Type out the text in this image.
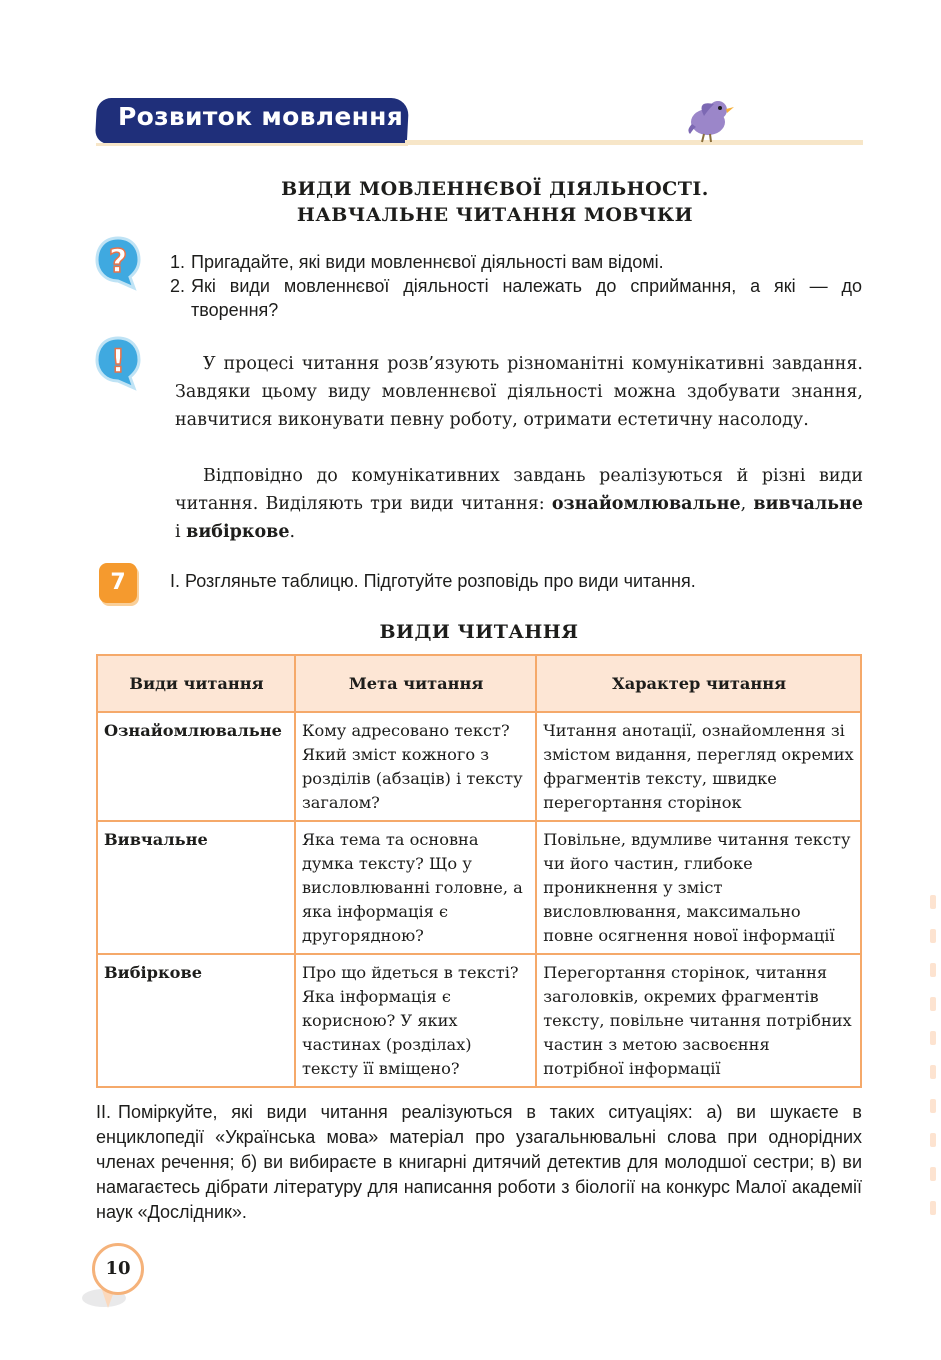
Розвиток мовлення
ВИДИ МОВЛЕННЄВОЇ ДІЯЛЬНОСТІ.
НАВЧАЛЬНЕ ЧИТАННЯ МОВЧКИ
? 1. Пригадайте, які види мовленнєвої діяльності вам відомі.
2. Які види мовленнєвої діяльності належать до сприймання, а які — до творення?
!	У процесі читання розв’язують різноманітні комунікативні завдання. Завдяки цьому виду мовленнєвої діяльності можна здобувати знання, навчитися виконувати певну роботу, отримати естетичну насолоду.
Відповідно до комунікативних завдань реалізуються й різні види читання. Виділяють три види читання: ознайомлювальне, вивчальне і вибіркове.
7	І. Розгляньте таблицю. Підготуйте розповідь про види читання.
ВИДИ ЧИТАННЯ
Види читання	Мета читання	Характер читання
Ознайомлювальне	Кому адресовано текст? Який зміст кожного з розділів (абзаців) і тексту загалом?	Читання анотації, ознайомлення зі змістом видання, перегляд окремих фрагментів тексту, швидке перегортання сторінок
Вивчальне	Яка тема та основна думка тексту? Що у висловлюванні головне, а яка інформація є другорядною?	Повільне, вдумливе читання тексту чи його частин, глибоке проникнення у зміст висловлювання, максимально повне осягнення нової інформації
Вибіркове	Про що йдеться в тексті? Яка інформація є корисною? У яких частинах (розділах) тексту її вміщено?	Перегортання сторінок, читання заголовків, окремих фрагментів тексту, повільне читання потрібних частин з метою засвоєння потрібної інформації

ІІ. Поміркуйте, які види читання реалізуються в таких ситуаціях: а) ви шукаєте в енциклопедії «Українська мова» матеріал про узагальнювальні слова при однорідних членах речення; б) ви вибираєте в книгарні дитячий детектив для молодшої сестри; в) ви намагаєтесь дібрати літературу для написання роботи з біології на конкурс Малої академії наук «Дослідник».

10
